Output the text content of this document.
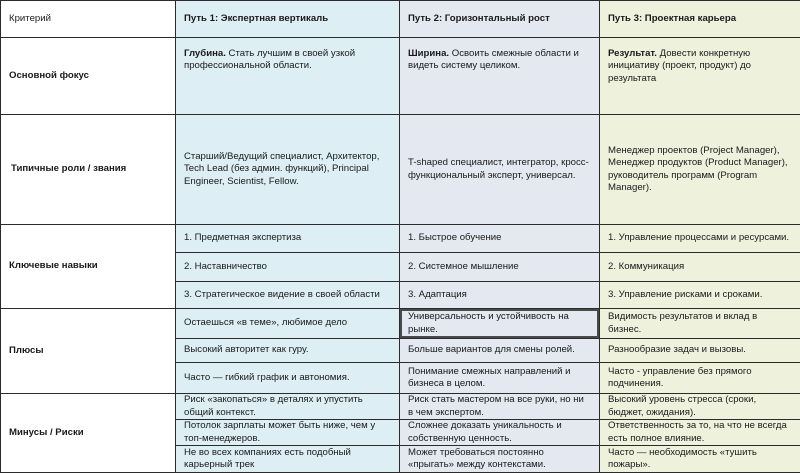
Критерий	Путь 1: Экспертная вертикаль	Путь 2: Горизонтальный рост	Путь 3: Проектная карьера
Основной фокус	Глубина. Стать лучшим в своей узкой профессиональной области.	Ширина. Освоить смежные области и видеть систему целиком.	Результат. Довести конкретную инициативу (проект, продукт) до результата
Типичные роли / звания	Старший/Ведущий специалист, Архитектор, Tech Lead (без админ. функций), Principal Engineer, Scientist, Fellow.	T-shaped специалист, интегратор, кросс-функциональный эксперт, универсал.	Менеджер проектов (Project Manager), Менеджер продуктов (Product Manager), руководитель программ (Program Manager).
Ключевые навыки	1. Предметная экспертиза	1. Быстрое обучение	1. Управление процессами и ресурсами.
	2. Наставничество	2. Системное мышление	2. Коммуникация
	3. Стратегическое видение в своей области	3. Адаптация	3. Управление рисками и сроками.
Плюсы	Остаешься «в теме», любимое дело	Универсальность и устойчивость на рынке.	Видимость результатов и вклад в бизнес.
	Высокий авторитет как гуру.	Больше вариантов для смены ролей.	Разнообразие задач и вызовы.
	Часто — гибкий график и автономия.	Понимание смежных направлений и бизнеса в целом.	Часто - управление без прямого подчинения.
Минусы / Риски	Риск «закопаться» в деталях и упустить общий контекст.	Риск стать мастером на все руки, но ни в чем экспертом.	Высокий уровень стресса (сроки, бюджет, ожидания).
	Потолок зарплаты может быть ниже, чем у топ-менеджеров.	Сложнее доказать уникальность и собственную ценность.	Ответственность за то, на что не всегда есть полное влияние.
	Не во всех компаниях есть подобный карьерный трек	Может требоваться постоянно «прыгать» между контекстами.	Часто — необходимость «тушить пожары».
